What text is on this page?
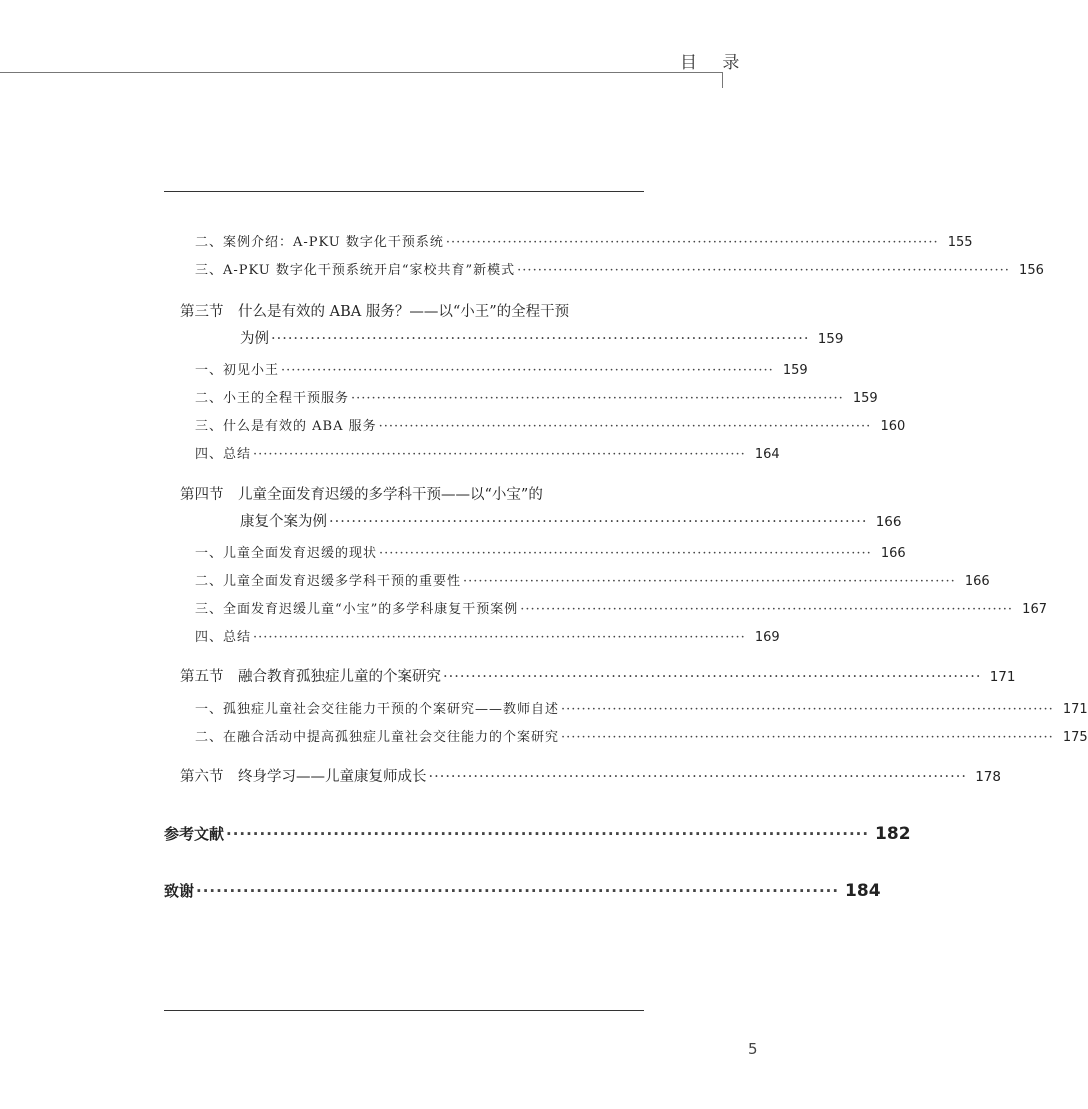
目 录
二、案例介绍：A-PKU 数字化干预系统 ································································································ 155
三、A-PKU 数字化干预系统开启“家校共育”新模式 ································································································ 156
第三节　什么是有效的 ABA 服务？——以“小王”的全程干预
为例 ································································································ 159
一、初见小王 ································································································ 159
二、小王的全程干预服务 ································································································ 159
三、什么是有效的 ABA 服务 ································································································ 160
四、总结 ································································································ 164
第四节　儿童全面发育迟缓的多学科干预——以“小宝”的
康复个案为例 ································································································ 166
一、儿童全面发育迟缓的现状 ································································································ 166
二、儿童全面发育迟缓多学科干预的重要性 ································································································ 166
三、全面发育迟缓儿童“小宝”的多学科康复干预案例 ································································································ 167
四、总结 ································································································ 169
第五节　融合教育孤独症儿童的个案研究 ································································································ 171
一、孤独症儿童社会交往能力干预的个案研究——教师自述 ································································································ 171
二、在融合活动中提高孤独症儿童社会交往能力的个案研究 ································································································ 175
第六节　终身学习——儿童康复师成长 ································································································ 178
参考文献 ································································································ 182
致谢 ································································································ 184
5
